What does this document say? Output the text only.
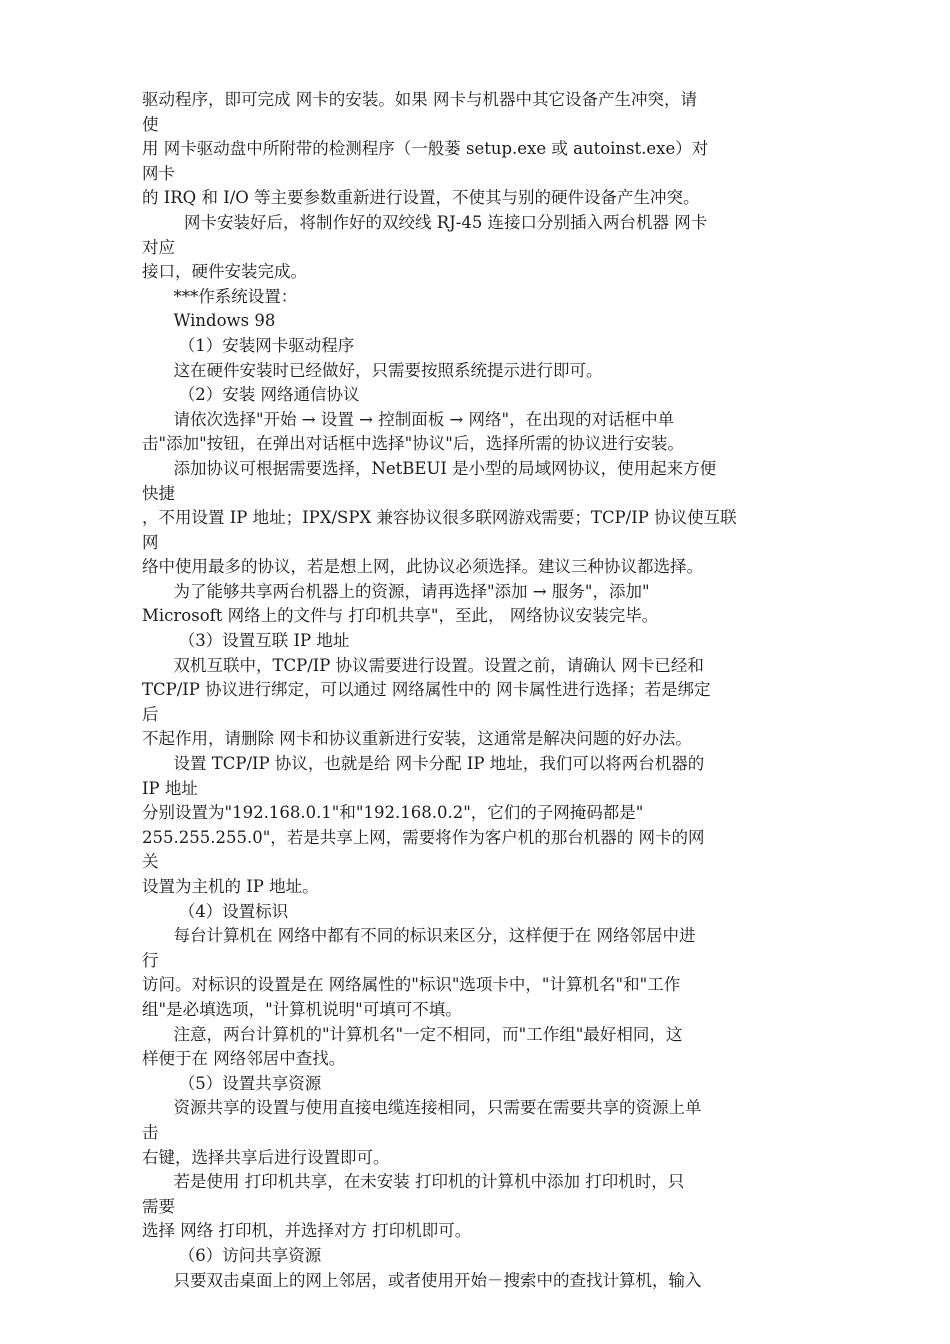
驱动程序，即可完成 网卡的安装。如果 网卡与机器中其它设备产生冲突，请
使
用 网卡驱动盘中所附带的检测程序（一般蒌 setup.exe 或 autoinst.exe）对
网卡
的 IRQ 和 I/O 等主要参数重新进行设置，不使其与别的硬件设备产生冲突。
网卡安装好后，将制作好的双绞线 RJ-45 连接口分别插入两台机器 网卡
对应
接口，硬件安装完成。
***作系统设置：
Windows 98
（1）安装网卡驱动程序
这在硬件安装时已经做好，只需要按照系统提示进行即可。
（2）安装 网络通信协议
请依次选择"开始 → 设置 → 控制面板 → 网络"，在出现的对话框中单
击"添加"按钮，在弹出对话框中选择"协议"后，选择所需的协议进行安装。
添加协议可根据需要选择，NetBEUI 是小型的局域网协议，使用起来方便
快捷
，不用设置 IP 地址；IPX/SPX 兼容协议很多联网游戏需要；TCP/IP 协议使互联
网
络中使用最多的协议，若是想上网，此协议必须选择。建议三种协议都选择。
为了能够共享两台机器上的资源，请再选择"添加 → 服务"，添加"
Microsoft 网络上的文件与 打印机共享"，至此， 网络协议安装完毕。
（3）设置互联 IP 地址
双机互联中，TCP/IP 协议需要进行设置。设置之前，请确认 网卡已经和
TCP/IP 协议进行绑定，可以通过 网络属性中的 网卡属性进行选择；若是绑定
后
不起作用，请删除 网卡和协议重新进行安装，这通常是解决问题的好办法。
设置 TCP/IP 协议，也就是给 网卡分配 IP 地址，我们可以将两台机器的
IP 地址
分别设置为"192.168.0.1"和"192.168.0.2"，它们的子网掩码都是"
255.255.255.0"，若是共享上网，需要将作为客户机的那台机器的 网卡的网
关
设置为主机的 IP 地址。
（4）设置标识
每台计算机在 网络中都有不同的标识来区分，这样便于在 网络邻居中进
行
访问。对标识的设置是在 网络属性的"标识"选项卡中，"计算机名"和"工作
组"是必填选项，"计算机说明"可填可不填。
注意，两台计算机的"计算机名"一定不相同，而"工作组"最好相同，这
样便于在 网络邻居中查找。
（5）设置共享资源
资源共享的设置与使用直接电缆连接相同，只需要在需要共享的资源上单
击
右键，选择共享后进行设置即可。
若是使用 打印机共享，在未安装 打印机的计算机中添加 打印机时，只
需要
选择 网络 打印机，并选择对方 打印机即可。
（6）访问共享资源
只要双击桌面上的网上邻居，或者使用开始－搜索中的查找计算机，输入
